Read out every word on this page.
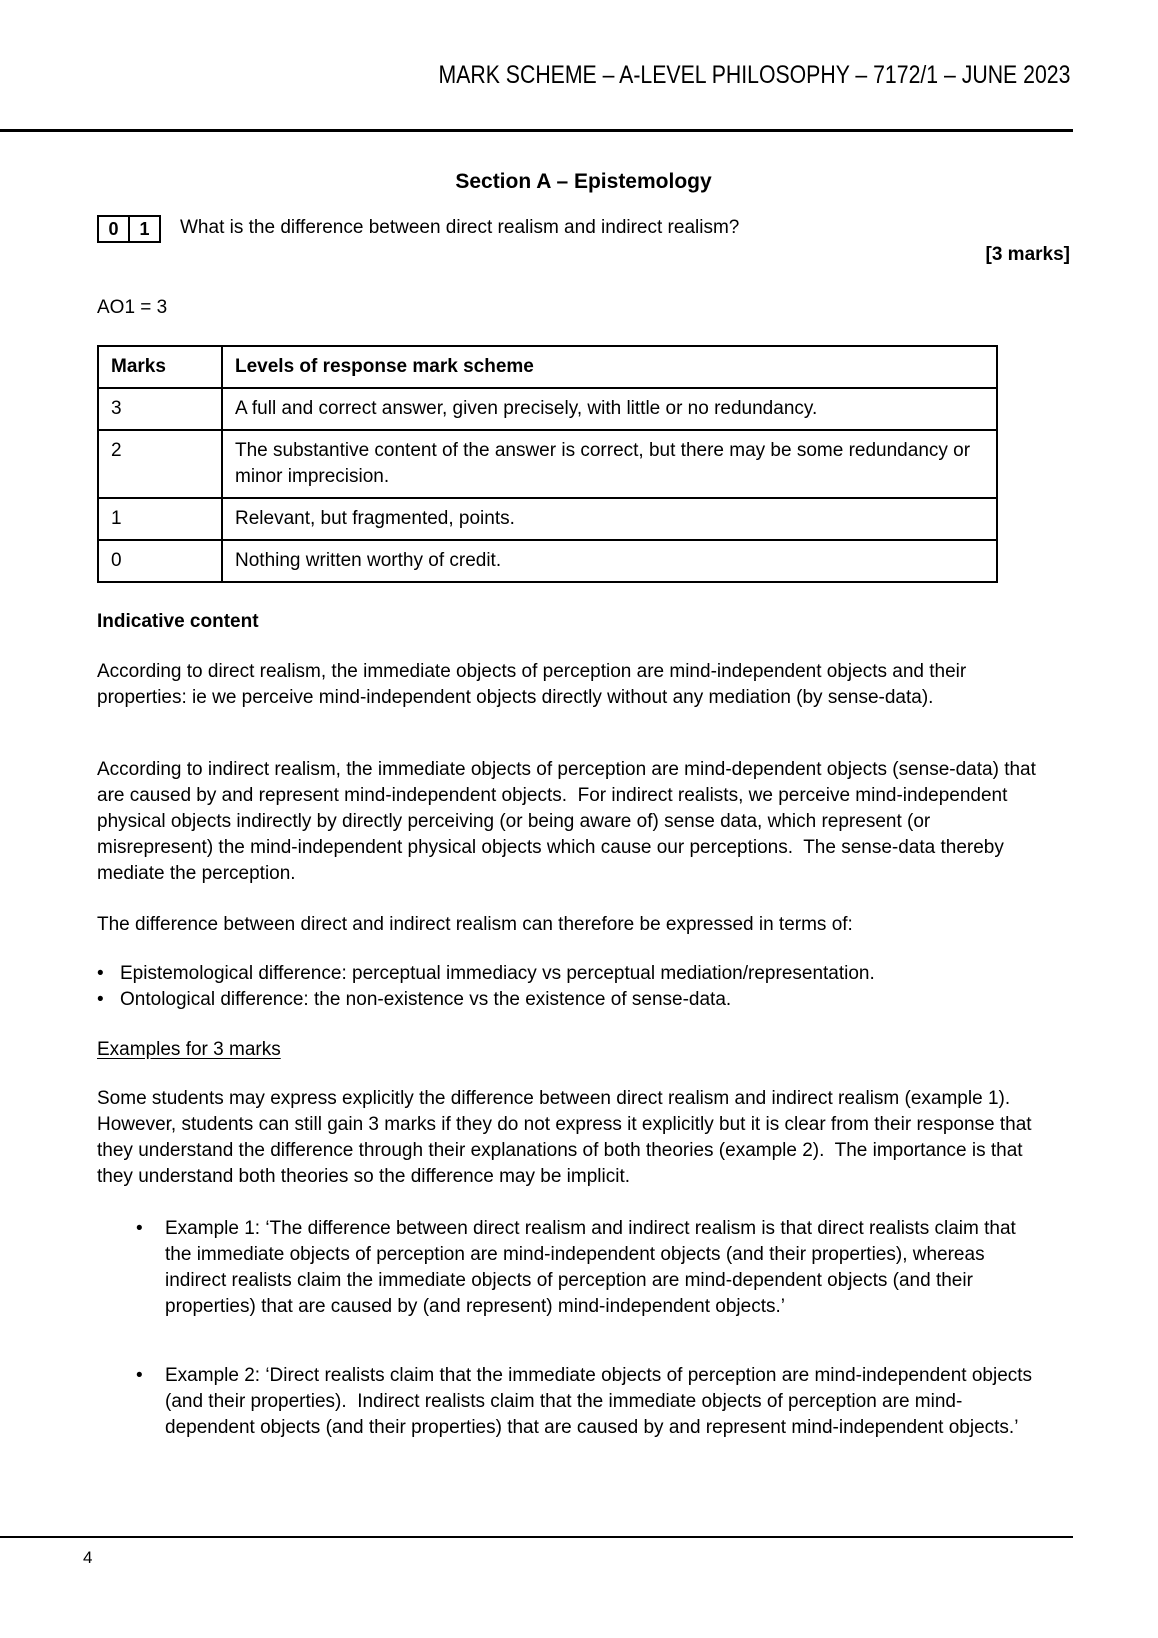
MARK SCHEME – A-LEVEL PHILOSOPHY – 7172/1 – JUNE 2023
Section A – Epistemology
0	1	What is the difference between direct realism and indirect realism?
[3 marks]
AO1 = 3
Marks	Levels of response mark scheme
3	A full and correct answer, given precisely, with little or no redundancy.
2	The substantive content of the answer is correct, but there may be some redundancy or minor imprecision.
1	Relevant, but fragmented, points.
0	Nothing written worthy of credit.
Indicative content
According to direct realism, the immediate objects of perception are mind-independent objects and their properties: ie we perceive mind-independent objects directly without any mediation (by sense-data).
According to indirect realism, the immediate objects of perception are mind-dependent objects (sense-data) that are caused by and represent mind-independent objects.  For indirect realists, we perceive mind-independent physical objects indirectly by directly perceiving (or being aware of) sense data, which represent (or misrepresent) the mind-independent physical objects which cause our perceptions.  The sense-data thereby mediate the perception.
The difference between direct and indirect realism can therefore be expressed in terms of:
• Epistemological difference: perceptual immediacy vs perceptual mediation/representation.
• Ontological difference: the non-existence vs the existence of sense-data.
Examples for 3 marks
Some students may express explicitly the difference between direct realism and indirect realism (example 1).  However, students can still gain 3 marks if they do not express it explicitly but it is clear from their response that they understand the difference through their explanations of both theories (example 2).  The importance is that they understand both theories so the difference may be implicit.
•	Example 1: ‘The difference between direct realism and indirect realism is that direct realists claim that the immediate objects of perception are mind-independent objects (and their properties), whereas indirect realists claim the immediate objects of perception are mind-dependent objects (and their properties) that are caused by (and represent) mind-independent objects.’
•	Example 2: ‘Direct realists claim that the immediate objects of perception are mind-independent objects (and their properties).  Indirect realists claim that the immediate objects of perception are mind-dependent objects (and their properties) that are caused by and represent mind-independent objects.’
4
